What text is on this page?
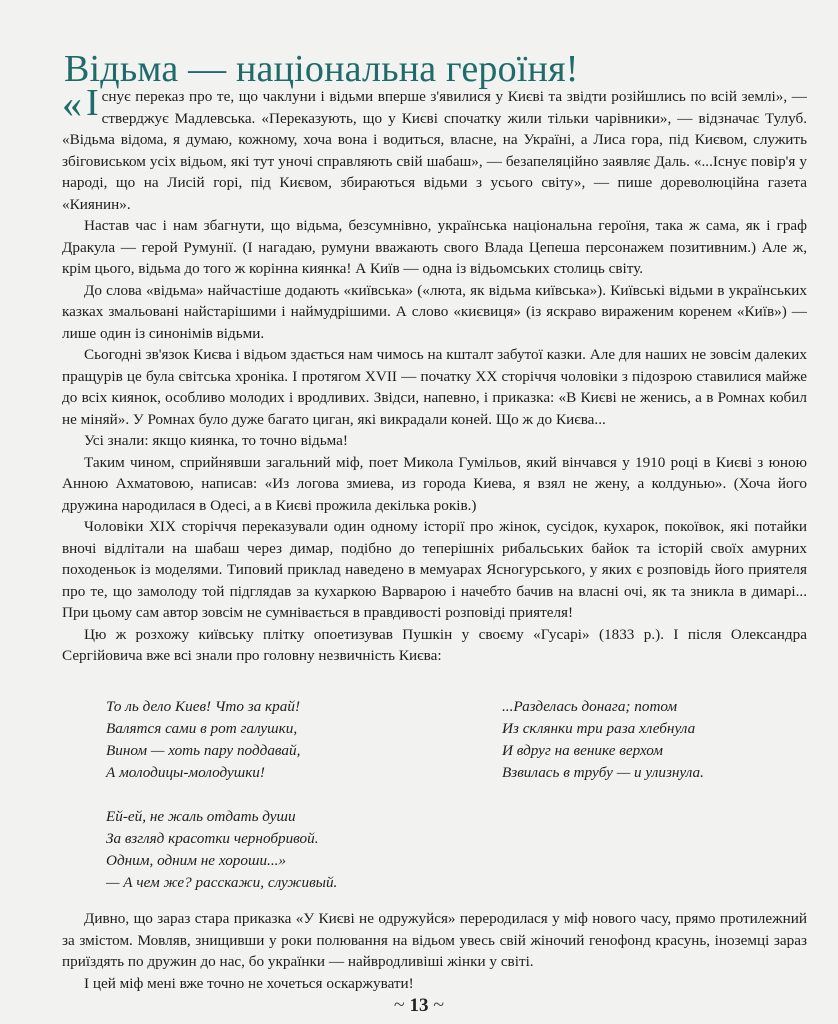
Відьма — національна героїня!

« І снує переказ про те, що чаклуни і відьми вперше з'явилися у Києві та звідти розійшлись по всій землі», — стверджує Мадлевська. «Переказують, що у Києві спочатку жили тільки чарівники», — відзначає Тулуб. «Відьма відома, я думаю, кожному, хоча вона і водиться, власне, на Україні, а Лиса гора, під Києвом, служить збіговиськом усіх відьом, які тут уночі справляють свій шабаш», — безапеляційно заявляє Даль. «...Існує повір'я у народі, що на Лисій горі, під Києвом, збираються відьми з усього світу», — пише дореволюційна газета «Киянин».

Настав час і нам збагнути, що відьма, безсумнівно, українська національна героїня, така ж сама, як і граф Дракула — герой Румунії. (І нагадаю, румуни вважають свого Влада Цепеша персонажем позитивним.) Але ж, крім цього, відьма до того ж корінна киянка! А Київ — одна із відьомських столиць світу.

До слова «відьма» найчастіше додають «київська» («люта, як відьма київська»). Київські відьми в українських казках змальовані найстарішими і наймудрішими. А слово «києвиця» (із яскраво вираженим коренем «Київ») — лише один із синонімів відьми.

Сьогодні зв'язок Києва і відьом здається нам чимось на кшталт забутої казки. Але для наших не зовсім далеких пращурів це була світська хроніка. І протягом XVII — початку XX сторіччя чоловіки з підозрою ставилися майже до всіх киянок, особливо молодих і вродливих. Звідси, напевно, і приказка: «В Києві не женись, а в Ромнах кобил не міняй». У Ромнах було дуже багато циган, які викрадали коней. Що ж до Києва...

Усі знали: якщо киянка, то точно відьма!

Таким чином, сприйнявши загальний міф, поет Микола Гумільов, який вінчався у 1910 році в Києві з юною Анною Ахматовою, написав: «Из логова змиева, из города Киева, я взял не жену, а колдунью». (Хоча його дружина народилася в Одесі, а в Києві прожила декілька років.)

Чоловіки XIX сторіччя переказували один одному історії про жінок, сусідок, кухарок, покоївок, які потайки вночі відлітали на шабаш через димар, подібно до теперішніх рибальських байок та історій своїх амурних походеньок із моделями. Типовий приклад наведено в мемуарах Ясногурського, у яких є розповідь його приятеля про те, що замолоду той підглядав за кухаркою Варварою і начебто бачив на власні очі, як та зникла в димарі... При цьому сам автор зовсім не сумнівається в правдивості розповіді приятеля!

Цю ж розхожу київську плітку опоетизував Пушкін у своєму «Гусарі» (1833 р.). І після Олександра Сергійовича вже всі знали про головну незвичність Києва:

То ль дело Киев! Что за край!
Валятся сами в рот галушки,
Вином — хоть пару поддавай,
А молодицы-молодушки!
Ей-ей, не жаль отдать души
За взгляд красотки чернобривой.
Одним, одним не хороши...»
— А чем же? расскажи, служивый.
...Разделась донага; потом
Из склянки три раза хлебнула
И вдруг на венике верхом
Взвилась в трубу — и улизнула.

Дивно, що зараз стара приказка «У Києві не одружуйся» переродилася у міф нового часу, прямо протилежний за змістом. Мовляв, знищивши у роки полювання на відьом увесь свій жіночий генофонд красунь, іноземці зараз приїздять по дружин до нас, бо українки — найвродливіші жінки у світі.

І цей міф мені вже точно не хочеться оскаржувати!

~ 13 ~
